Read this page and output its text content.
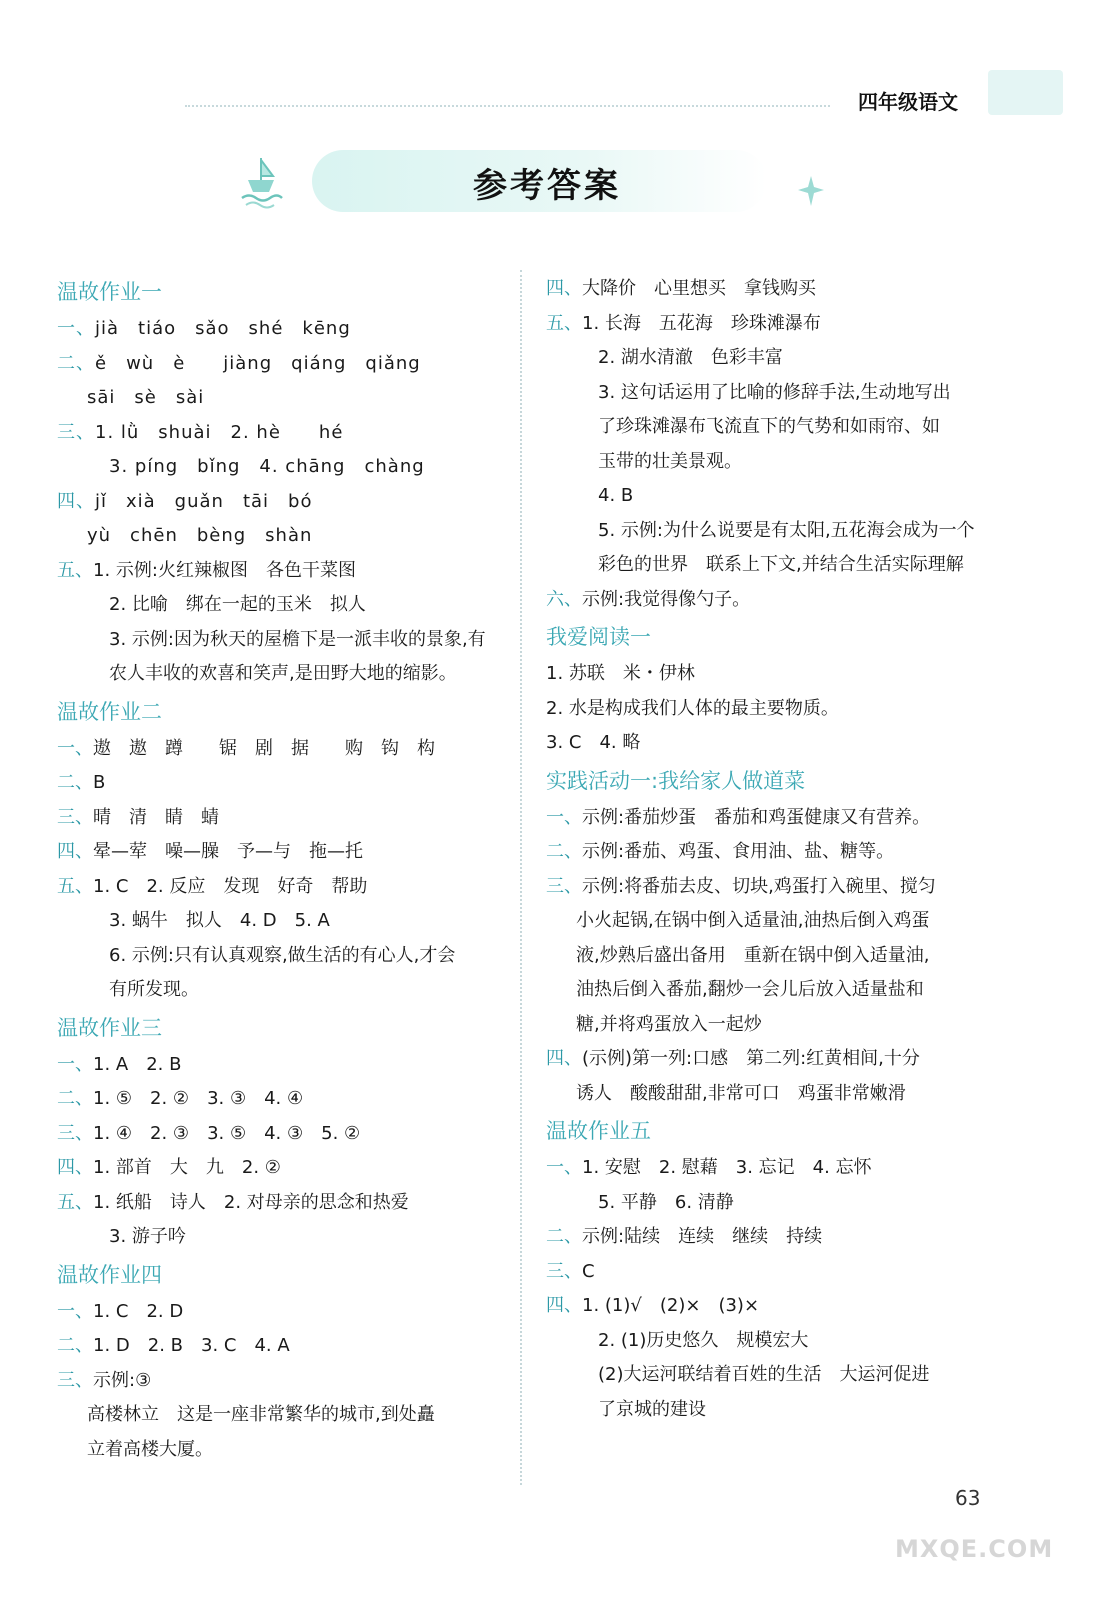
四年级语文
参考答案
温故作业一
一、jià　tiáo　sǎo　shé　kēng
二、ě　wù　è　　jiàng　qiáng　qiǎng
sāi　sè　sài
三、1. lǜ　shuài　2. hè　　hé
3. píng　bǐng　4. chāng　chàng
四、jǐ　xià　guǎn　tāi　bó
yù　chēn　bèng　shàn
五、1. 示例:火红辣椒图　各色干菜图
2. 比喻　绑在一起的玉米　拟人
3. 示例:因为秋天的屋檐下是一派丰收的景象,有
农人丰收的欢喜和笑声,是田野大地的缩影。
温故作业二
一、遨　遨　蹲　　锯　剧　据　　购　钩　构
二、B
三、晴　清　睛　蜻
四、晕—荤　噪—臊　予—与　拖—托
五、1. C　2. 反应　发现　好奇　帮助
3. 蜗牛　拟人　4. D　5. A
6. 示例:只有认真观察,做生活的有心人,才会
有所发现。
温故作业三
一、1. A　2. B
二、1. ⑤　2. ②　3. ③　4. ④
三、1. ④　2. ③　3. ⑤　4. ③　5. ②
四、1. 部首　大　九　2. ②
五、1. 纸船　诗人　2. 对母亲的思念和热爱
3. 游子吟
温故作业四
一、1. C　2. D
二、1. D　2. B　3. C　4. A
三、示例:③
高楼林立　这是一座非常繁华的城市,到处矗
立着高楼大厦。
四、大降价　心里想买　拿钱购买
五、1. 长海　五花海　珍珠滩瀑布
2. 湖水清澈　色彩丰富
3. 这句话运用了比喻的修辞手法,生动地写出
了珍珠滩瀑布飞流直下的气势和如雨帘、如
玉带的壮美景观。
4. B
5. 示例:为什么说要是有太阳,五花海会成为一个
彩色的世界　联系上下文,并结合生活实际理解
六、示例:我觉得像勺子。
我爱阅读一
1. 苏联　米・伊林
2. 水是构成我们人体的最主要物质。
3. C　4. 略
实践活动一:我给家人做道菜
一、示例:番茄炒蛋　番茄和鸡蛋健康又有营养。
二、示例:番茄、鸡蛋、食用油、盐、糖等。
三、示例:将番茄去皮、切块,鸡蛋打入碗里、搅匀
小火起锅,在锅中倒入适量油,油热后倒入鸡蛋
液,炒熟后盛出备用　重新在锅中倒入适量油,
油热后倒入番茄,翻炒一会儿后放入适量盐和
糖,并将鸡蛋放入一起炒
四、(示例)第一列:口感　第二列:红黄相间,十分
诱人　酸酸甜甜,非常可口　鸡蛋非常嫩滑
温故作业五
一、1. 安慰　2. 慰藉　3. 忘记　4. 忘怀
5. 平静　6. 清静
二、示例:陆续　连续　继续　持续
三、C
四、1. (1)√　(2)×　(3)×
2. (1)历史悠久　规模宏大
(2)大运河联结着百姓的生活　大运河促进
了京城的建设
63
MXQE.COM
